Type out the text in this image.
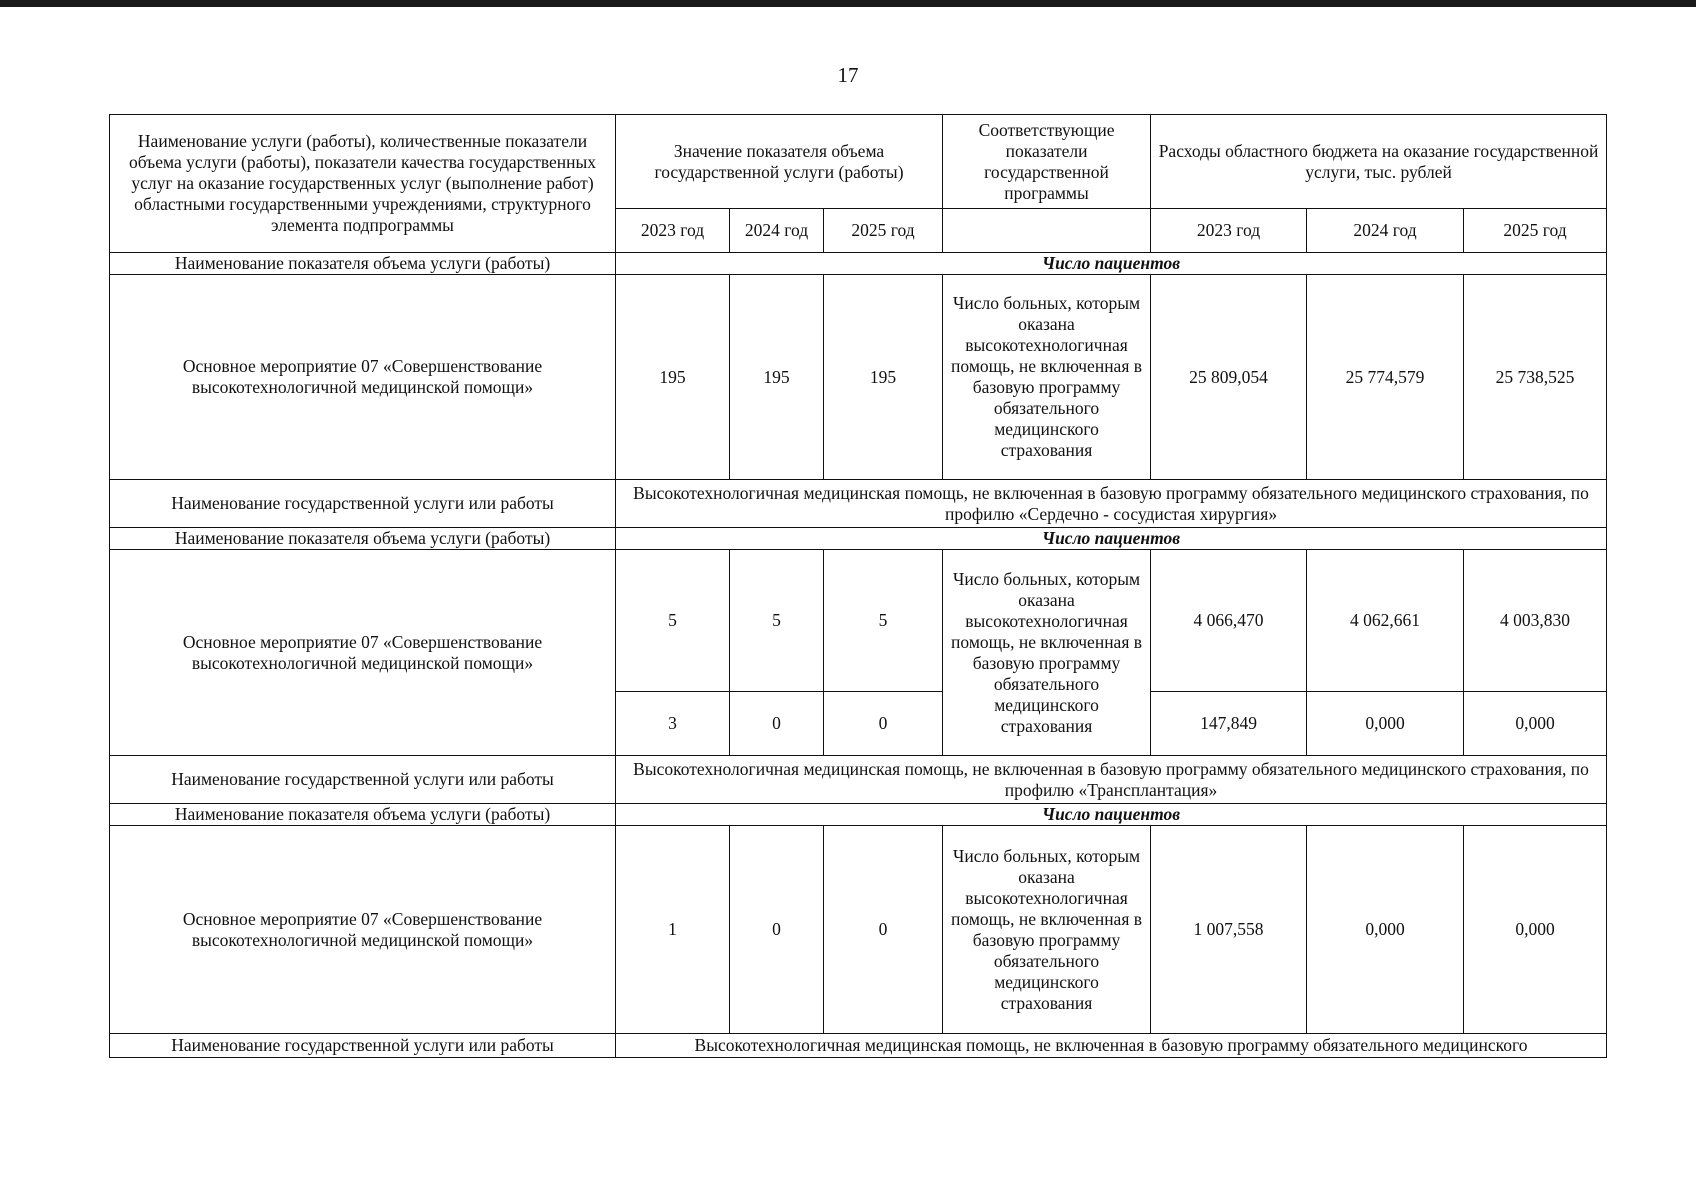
17
Наименование услуги (работы), количественные показатели объема услуги (работы), показатели качества государственных услуг на оказание государственных услуг (выполнение работ) областными государственными учреждениями, структурного элемента подпрограммы	Значение показателя объема государственной услуги (работы)			Соответствующие показатели государственной программы	Расходы областного бюджета на оказание государственной услуги, тыс. рублей		
	2023 год	2024 год	2025 год		2023 год	2024 год	2025 год
Наименование показателя объема услуги (работы)	Число пациентов						
Основное мероприятие 07 «Совершенствование высокотехнологичной медицинской помощи»	195	195	195	Число больных, которым оказана высокотехнологичная помощь, не включенная в базовую программу обязательного медицинского страхования	25 809,054	25 774,579	25 738,525
Наименование государственной услуги или работы	Высокотехнологичная медицинская помощь, не включенная в базовую программу обязательного медицинского страхования, по профилю «Сердечно - сосудистая хирургия»						
Наименование показателя объема услуги (работы)	Число пациентов						
Основное мероприятие 07 «Совершенствование высокотехнологичной медицинской помощи»	5	5	5	Число больных, которым оказана высокотехнологичная помощь, не включенная в базовую программу обязательного медицинского страхования	4 066,470	4 062,661	4 003,830
	3	0	0		147,849	0,000	0,000
Наименование государственной услуги или работы	Высокотехнологичная медицинская помощь, не включенная в базовую программу обязательного медицинского страхования, по профилю «Трансплантация»						
Наименование показателя объема услуги (работы)	Число пациентов						
Основное мероприятие 07 «Совершенствование высокотехнологичной медицинской помощи»	1	0	0	Число больных, которым оказана высокотехнологичная помощь, не включенная в базовую программу обязательного медицинского страхования	1 007,558	0,000	0,000
Наименование государственной услуги или работы	Высокотехнологичная медицинская помощь, не включенная в базовую программу обязательного медицинского						
